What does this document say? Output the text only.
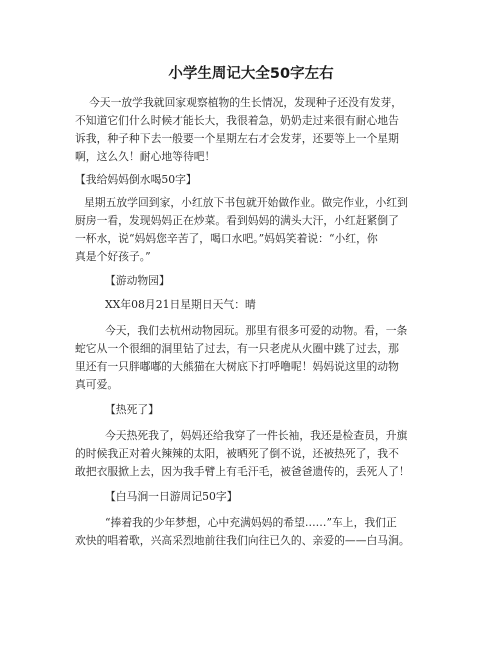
小学生周记大全50字左右
今天一放学我就回家观察植物的生长情况，发现种子还没有发芽，
不知道它们什么时候才能长大，我很着急，奶奶走过来很有耐心地告
诉我，种子种下去一般要一个星期左右才会发芽，还要等上一个星期
啊，这么久！耐心地等待吧！
【我给妈妈倒水喝50字】
星期五放学回到家，小红放下书包就开始做作业。做完作业，小红到
厨房一看，发现妈妈正在炒菜。看到妈妈的满头大汗，小红赶紧倒了
一杯水，说“妈妈您辛苦了，喝口水吧。”妈妈笑着说：“小红，你
真是个好孩子。”
【游动物园】
XX年08月21日星期日天气：晴
今天，我们去杭州动物园玩。那里有很多可爱的动物。看，一条
蛇它从一个很细的洞里钻了过去，有一只老虎从火圈中跳了过去，那
里还有一只胖嘟嘟的大熊猫在大树底下打呼噜呢！妈妈说这里的动物
真可爱。
【热死了】
今天热死我了，妈妈还给我穿了一件长袖，我还是检查员，升旗
的时候我正对着火辣辣的太阳，被晒死了倒不说，还被热死了，我不
敢把衣服掀上去，因为我手臂上有毛汗毛，被爸爸遗传的，丢死人了！
【白马涧一日游周记50字】
“捧着我的少年梦想，心中充满妈妈的希望……”车上，我们正
欢快的唱着歌，兴高采烈地前往我们向往已久的、亲爱的——白马涧。
